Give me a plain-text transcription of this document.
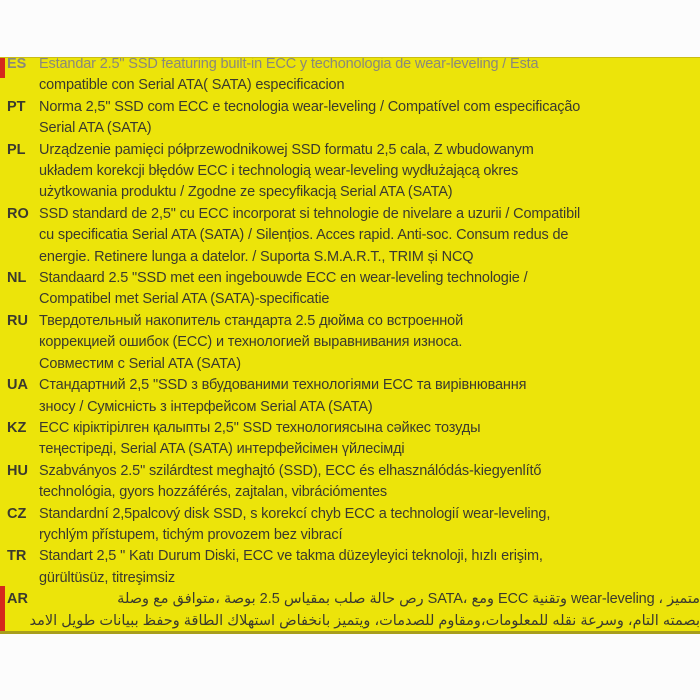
ES Estandar 2.5" SSD featuring built-in ECC y techonologia de wear-leveling / Esta
compatible con Serial ATA( SATA) especificacion
PT Norma 2,5" SSD com ECC e tecnologia wear-leveling / Compatível com especificação
Serial ATA (SATA)
PL Urządzenie pamięci półprzewodnikowej SSD formatu 2,5 cala, Z wbudowanym
układem korekcji błędów ECC i technologią wear-leveling wydłużającą okres
użytkowania produktu / Zgodne ze specyfikacją Serial ATA (SATA)
RO SSD standard de 2,5" cu ECC incorporat si tehnologie de nivelare a uzurii / Compatibil
cu specificatia Serial ATA (SATA) / Silențios. Acces rapid. Anti-soc. Consum redus de
energie. Retinere lunga a datelor. / Suporta S.M.A.R.T., TRIM și NCQ
NL Standaard 2.5 "SSD met een ingebouwde ECC en wear-leveling technologie /
Compatibel met Serial ATA (SATA)-specificatie
RU Твердотельный накопитель стандарта 2.5 дюйма со встроенной
коррекцией ошибок (ECC) и технологией выравнивания износа.
Совместим с Serial ATA (SATA)
UA Стандартний 2,5 "SSD з вбудованими технологіями ECC та вирівнювання
зносу / Сумісність з інтерфейсом Serial ATA (SATA)
KZ ECC кіріктірілген қалыпты 2,5" SSD технологиясына сәйкес тозуды
теңестіреді, Serial ATA (SATA) интерфейсімен үйлесімді
HU Szabványos 2.5" szilárdtest meghajtó (SSD), ECC és elhasználódás-kiegyenlítő
technológia, gyors hozzáférés, zajtalan, vibrációmentes
CZ Standardní 2,5palcový disk SSD, s korekcí chyb ECC a technologií wear-leveling,
rychlým přístupem, tichým provozem bez vibrací
TR Standart 2,5 " Katı Durum Diski, ECC ve takma düzeyleyici teknoloji, hızlı erişim,
gürültüsüz, titreşimsiz
AR	رص حالة صلب بمقياس 2.5 بوصة ،متوافق مع وصلة SATA، ومع ECC وتقنية wear-leveling ، متميز
بصمته التام، وسرعة نقله للمعلومات،ومقاوم للصدمات، ويتميز بانخفاض استهلاك الطاقة وحفظ ببيانات طويل الامد
